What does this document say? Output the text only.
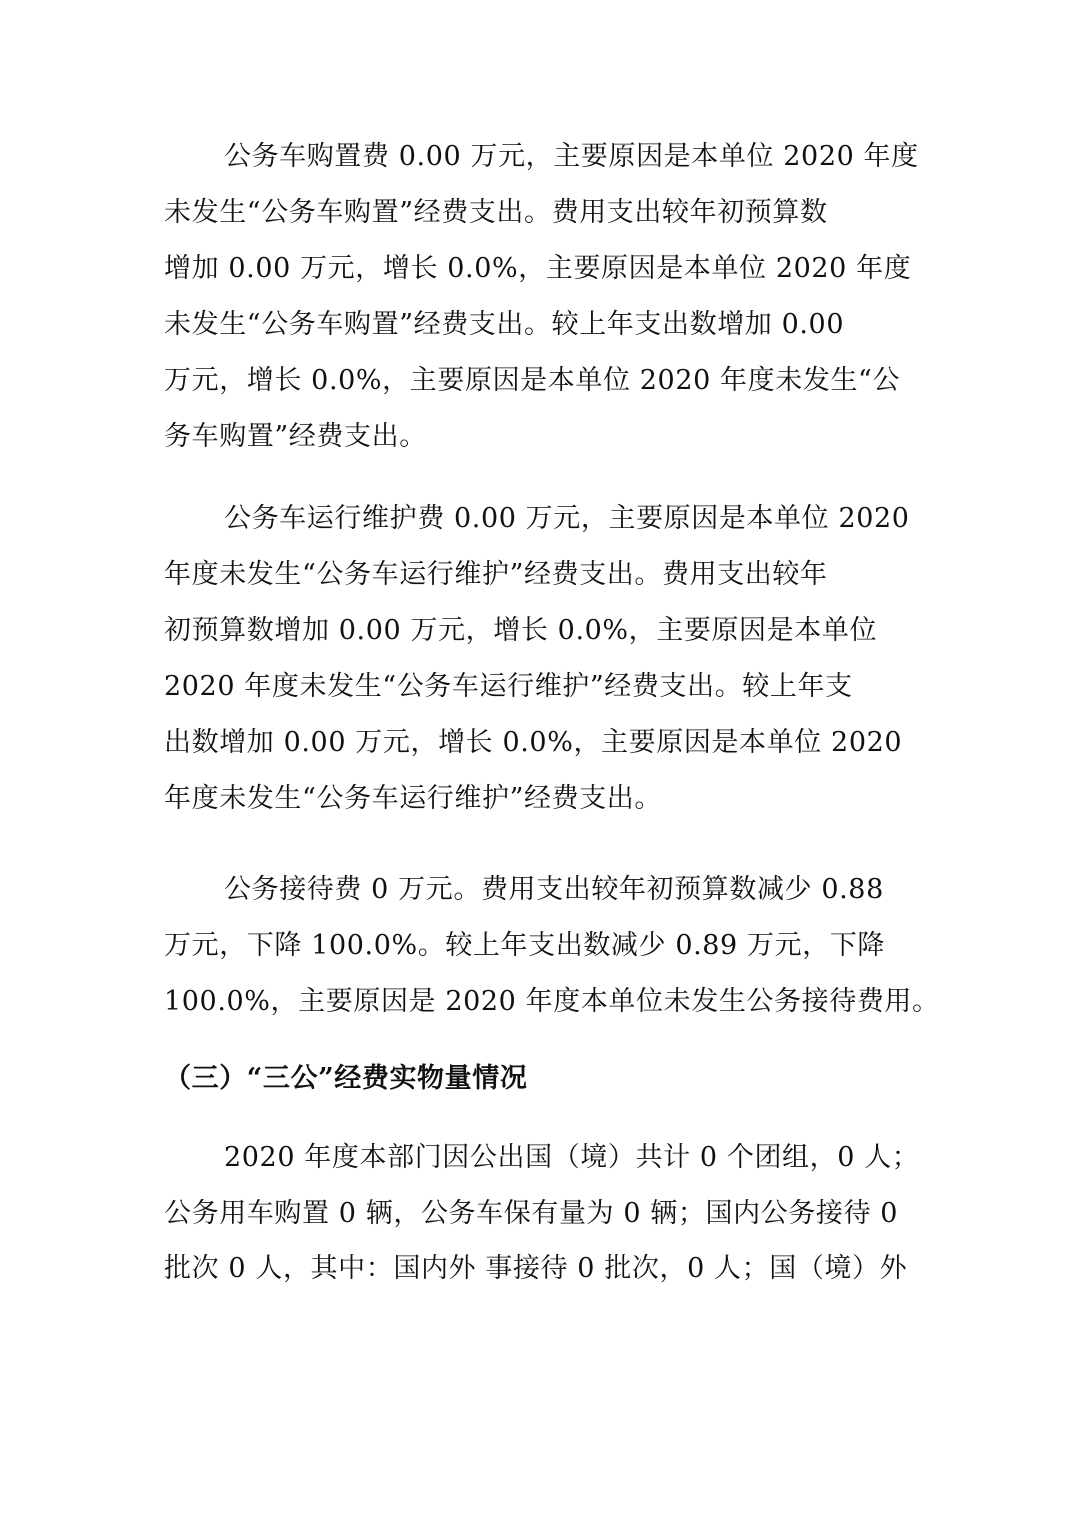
公务车购置费 0.00 万元，主要原因是本单位 2020 年度
未发生“公务车购置”经费支出。费用支出较年初预算数
增加 0.00 万元，增长 0.0%，主要原因是本单位 2020 年度
未发生“公务车购置”经费支出。较上年支出数增加 0.00
万元，增长 0.0%，主要原因是本单位 2020 年度未发生“公
务车购置”经费支出。
公务车运行维护费 0.00 万元，主要原因是本单位 2020
年度未发生“公务车运行维护”经费支出。费用支出较年
初预算数增加 0.00 万元，增长 0.0%，主要原因是本单位
2020 年度未发生“公务车运行维护”经费支出。较上年支
出数增加 0.00 万元，增长 0.0%，主要原因是本单位 2020
年度未发生“公务车运行维护”经费支出。
公务接待费 0 万元。费用支出较年初预算数减少 0.88
万元，下降 100.0%。较上年支出数减少 0.89 万元，下降
100.0%，主要原因是 2020 年度本单位未发生公务接待费用。
（三）“三公”经费实物量情况
2020 年度本部门因公出国（境）共计 0 个团组，0 人；
公务用车购置 0 辆，公务车保有量为 0 辆；国内公务接待 0
批次 0 人，其中：国内外 事接待 0 批次，0 人；国（境）外
